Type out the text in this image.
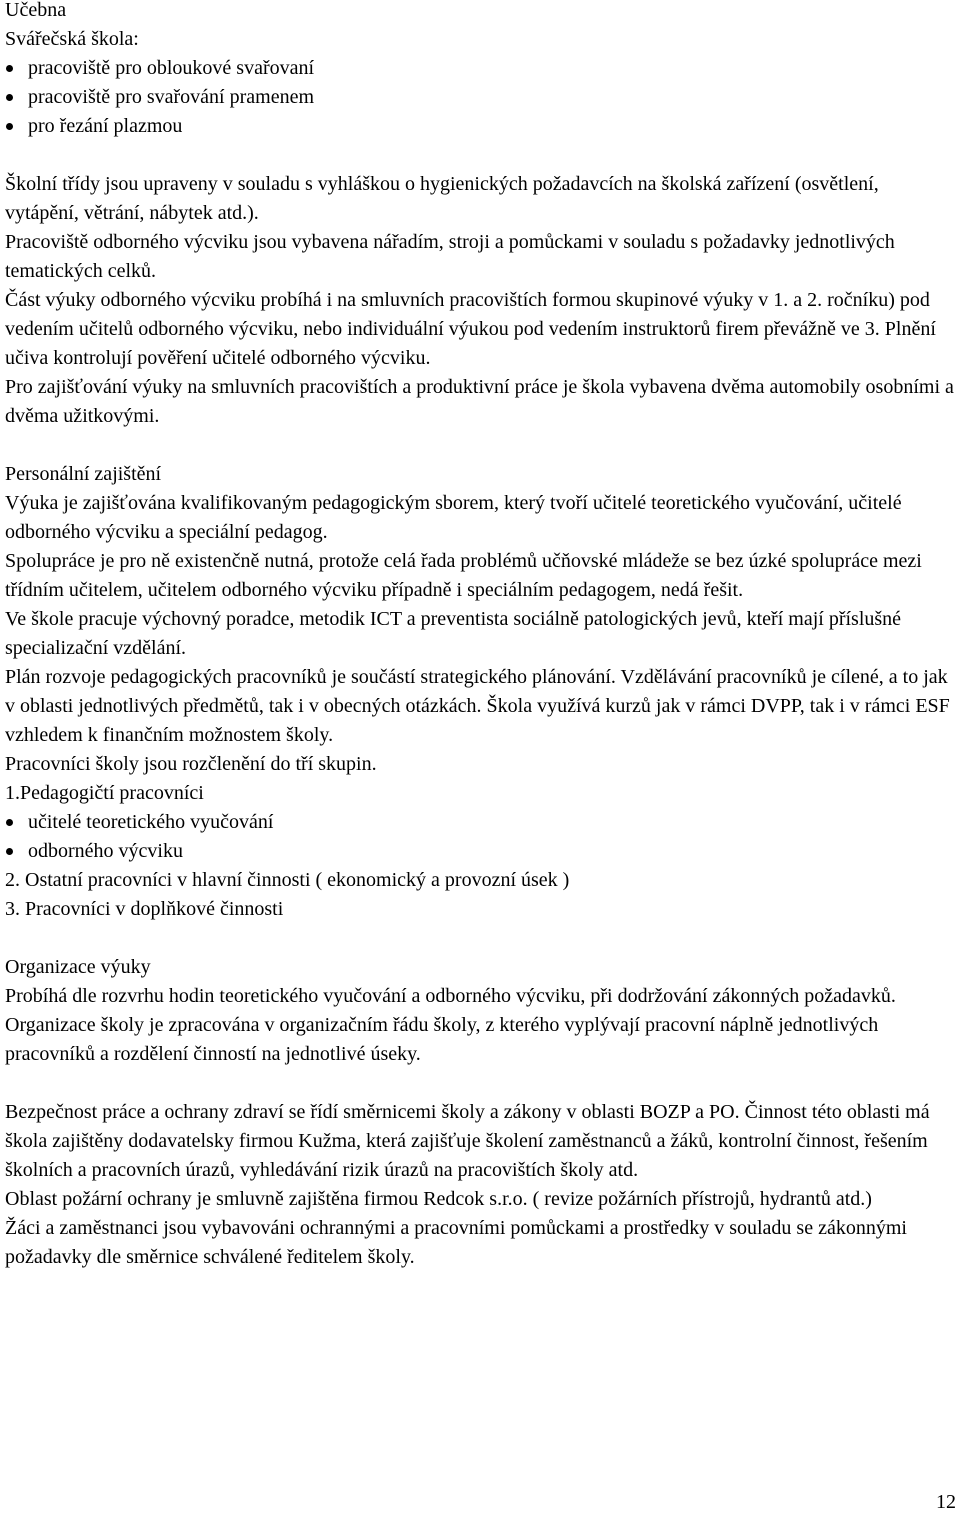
Učebna

Svářečská škola:

pracoviště pro obloukové svařovaní
pracoviště pro svařování pramenem
pro řezání plazmou

Školní třídy jsou upraveny v souladu s vyhláškou o hygienických požadavcích na školská zařízení (osvětlení, vytápění, větrání, nábytek atd.).

Pracoviště odborného výcviku jsou vybavena nářadím, stroji a pomůckami v souladu s požadavky jednotlivých tematických celků.

Část výuky odborného výcviku probíhá i na smluvních pracovištích formou skupinové výuky v 1. a 2. ročníku) pod vedením učitelů odborného výcviku, nebo individuální výukou pod vedením instruktorů firem převážně ve 3. Plnění učiva kontrolují pověření učitelé odborného výcviku.

Pro zajišťování výuky na smluvních pracovištích a produktivní práce je škola vybavena dvěma automobily osobními a dvěma užitkovými.

Personální zajištění

Výuka je zajišťována kvalifikovaným pedagogickým sborem, který tvoří učitelé teoretického vyučování, učitelé odborného výcviku a speciální pedagog.

Spolupráce je pro ně existenčně nutná, protože celá řada problémů učňovské mládeže se bez úzké spolupráce mezi třídním učitelem, učitelem odborného výcviku případně i speciálním pedagogem, nedá řešit.

Ve škole pracuje výchovný poradce, metodik ICT a preventista sociálně patologických jevů, kteří mají příslušné specializační vzdělání.

Plán rozvoje pedagogických pracovníků je součástí strategického plánování. Vzdělávání pracovníků je cílené, a to jak v oblasti jednotlivých předmětů, tak i v obecných otázkách. Škola využívá kurzů jak v rámci DVPP, tak i v rámci ESF vzhledem k finančním možnostem školy.

Pracovníci školy jsou rozčlenění do tří skupin.

1.Pedagogičtí pracovníci

učitelé teoretického vyučování
odborného výcviku

2. Ostatní pracovníci v hlavní činnosti ( ekonomický a provozní úsek )

3. Pracovníci v doplňkové činnosti

Organizace výuky

Probíhá dle rozvrhu hodin teoretického vyučování a odborného výcviku, při dodržování zákonných požadavků.

Organizace školy je zpracována v organizačním řádu školy, z kterého vyplývají pracovní náplně jednotlivých pracovníků a rozdělení činností na jednotlivé úseky.

Bezpečnost práce a ochrany zdraví se řídí směrnicemi školy a zákony v oblasti BOZP a PO. Činnost této oblasti má škola zajištěny dodavatelsky firmou Kužma, která zajišťuje školení zaměstnanců a žáků, kontrolní činnost, řešením školních a pracovních úrazů, vyhledávání rizik úrazů na pracovištích školy atd.

Oblast požární ochrany je smluvně zajištěna firmou Redcok s.r.o. ( revize požárních přístrojů, hydrantů atd.)

Žáci a zaměstnanci jsou vybavováni ochrannými a pracovními pomůckami a prostředky v souladu se zákonnými požadavky dle směrnice schválené ředitelem školy.

12
